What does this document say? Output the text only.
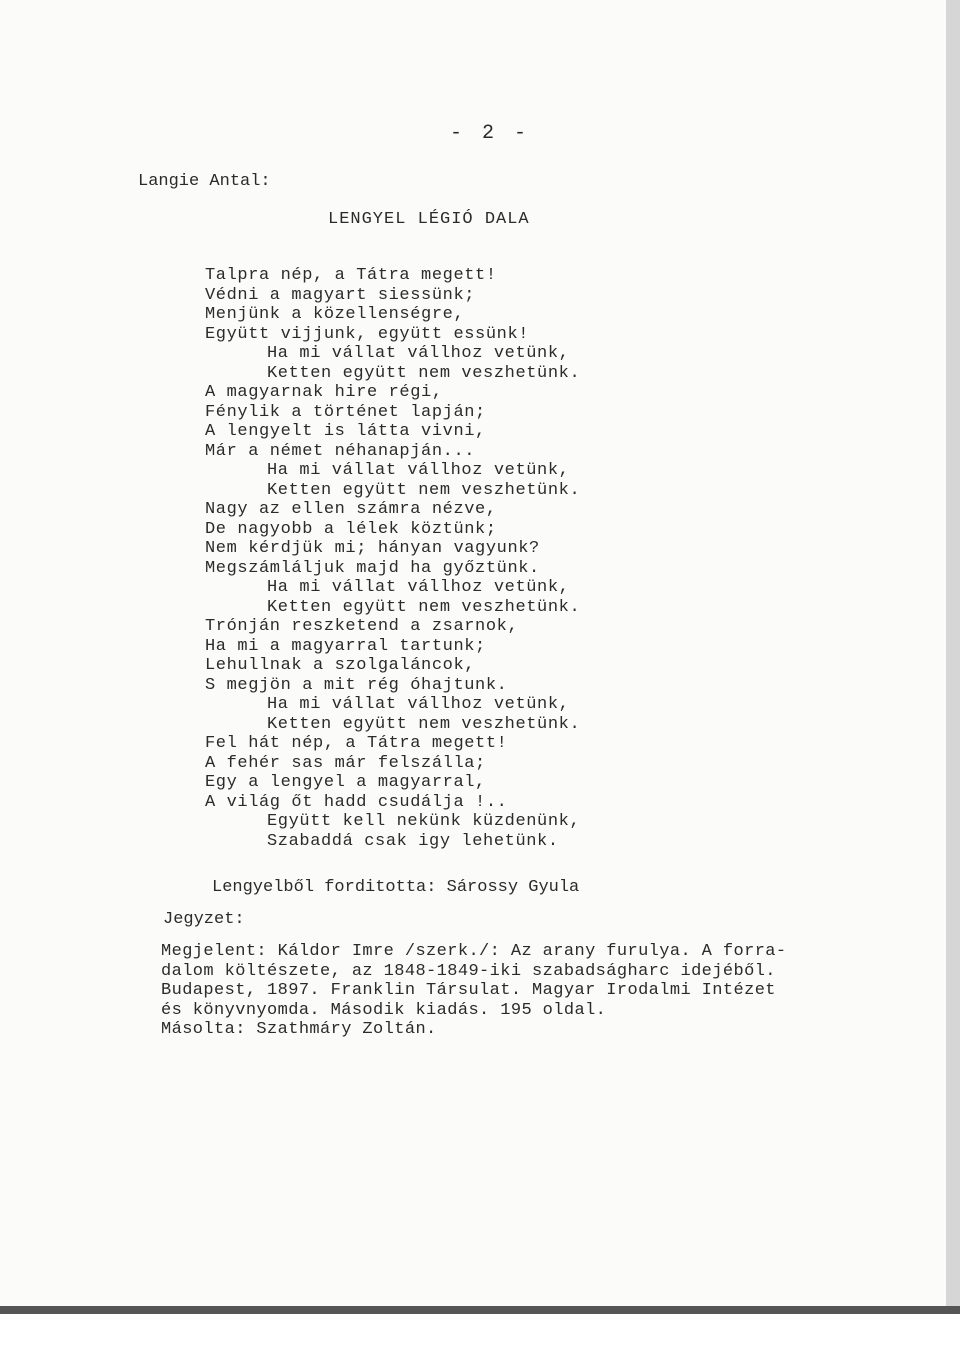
- 2 -
Langie Antal:
LENGYEL LÉGIÓ DALA
Talpra nép, a Tátra megett!
Védni a magyart siessünk;
Menjünk a közellenségre,
Együtt vijjunk, együtt essünk!
Ha mi vállat vállhoz vetünk,
Ketten együtt nem veszhetünk.
A magyarnak hire régi,
Fénylik a történet lapján;
A lengyelt is látta vivni,
Már a német néhanapján...
Ha mi vállat vállhoz vetünk,
Ketten együtt nem veszhetünk.
Nagy az ellen számra nézve,
De nagyobb a lélek köztünk;
Nem kérdjük mi; hányan vagyunk?
Megszámláljuk majd ha győztünk.
Ha mi vállat vállhoz vetünk,
Ketten együtt nem veszhetünk.
Trónján reszketend a zsarnok,
Ha mi a magyarral tartunk;
Lehullnak a szolgaláncok,
S megjön a mit rég óhajtunk.
Ha mi vállat vállhoz vetünk,
Ketten együtt nem veszhetünk.
Fel hát nép, a Tátra megett!
A fehér sas már felszálla;
Egy a lengyel a magyarral,
A világ őt hadd csudálja !..
Együtt kell nekünk küzdenünk,
Szabaddá csak igy lehetünk.
Lengyelből forditotta: Sárossy Gyula
Jegyzet:
Megjelent: Káldor Imre /szerk./: Az arany furulya. A forra-
dalom költészete, az 1848-1849-iki szabadságharc idejéből.
Budapest, 1897. Franklin Társulat. Magyar Irodalmi Intézet
és könyvnyomda. Második kiadás. 195 oldal.
Másolta: Szathmáry Zoltán.
